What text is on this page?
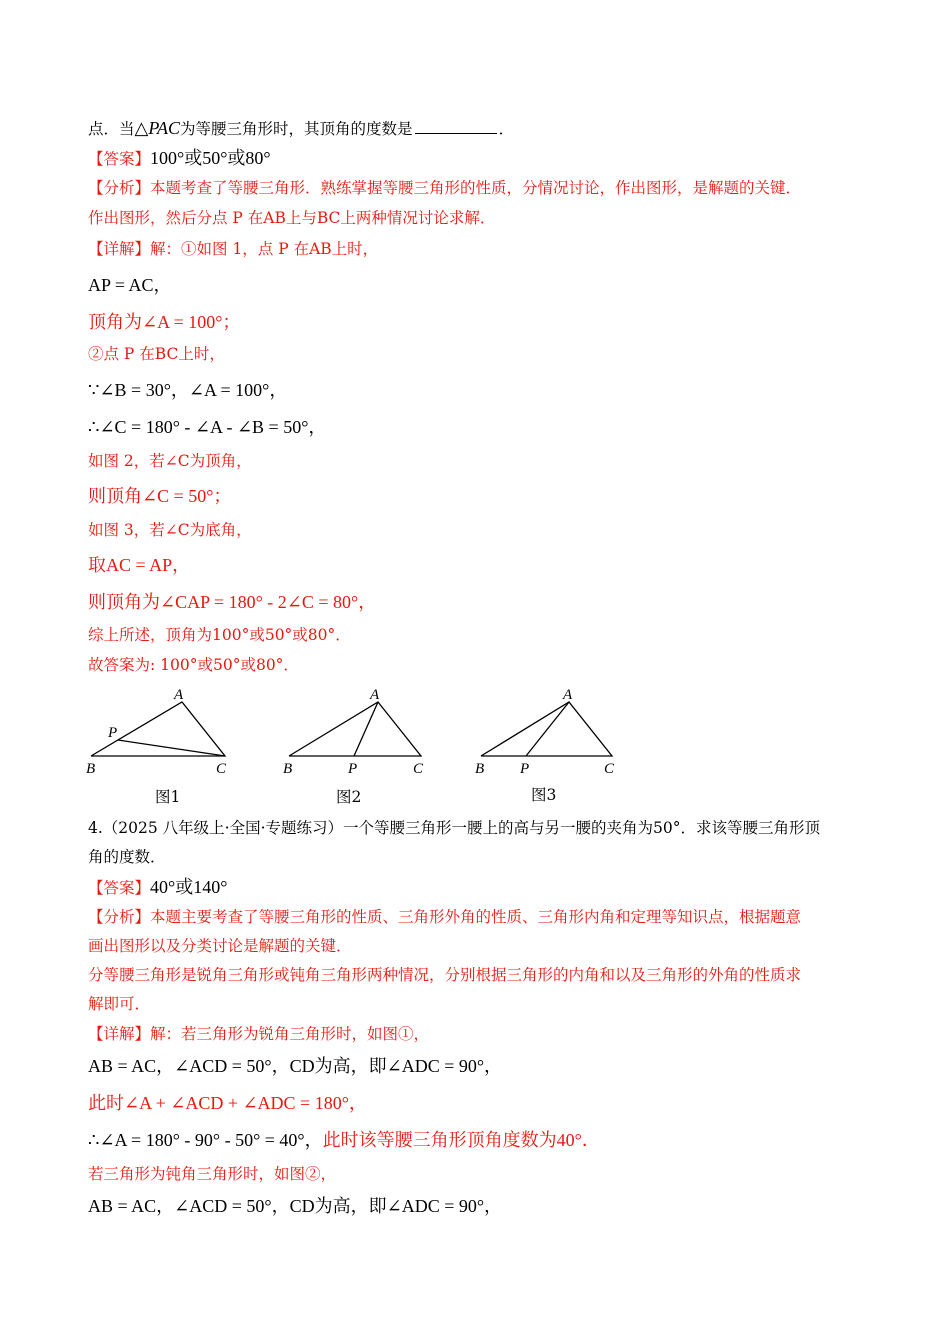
点．当△PAC为等腰三角形时，其顶角的度数是	．
【答案】100°或50°或80°
【分析】本题考查了等腰三角形．熟练掌握等腰三角形的性质，分情况讨论，作出图形，是解题的关键．
作出图形，然后分点 P 在AB上与BC上两种情况讨论求解．
【详解】解：①如图 1，点 P 在AB上时，
AP = AC，
顶角为∠A = 100°；
②点 P 在BC上时，
∵∠B = 30°，∠A = 100°，
∴∠C = 180° - ∠A - ∠B = 50°，
如图 2，若∠C为顶角，
则顶角∠C = 50°；
如图 3，若∠C为底角，
取AC = AP，
则顶角为∠CAP = 180° - 2∠C = 80°，
综上所述，顶角为100°或50°或80°．
故答案为: 100°或50°或80°．
A
P
B	C
A
B	P	C
A
B P	C
图1	图2	图3
4.（2025 八年级上·全国·专题练习）一个等腰三角形一腰上的高与另一腰的夹角为50°．求该等腰三角形顶
角的度数．
【答案】40°或140°
【分析】本题主要考查了等腰三角形的性质、三角形外角的性质、三角形内角和定理等知识点，根据题意
画出图形以及分类讨论是解题的关键．
分等腰三角形是锐角三角形或钝角三角形两种情况，分别根据三角形的内角和以及三角形的外角的性质求
解即可．
【详解】解：若三角形为锐角三角形时，如图①，
AB = AC，∠ACD = 50°，CD为高，即∠ADC = 90°，
此时∠A + ∠ACD + ∠ADC = 180°，
∴∠A = 180° - 90° - 50° = 40°，此时该等腰三角形顶角度数为40°．
若三角形为钝角三角形时，如图②，
AB = AC，∠ACD = 50°，CD为高，即∠ADC = 90°，
